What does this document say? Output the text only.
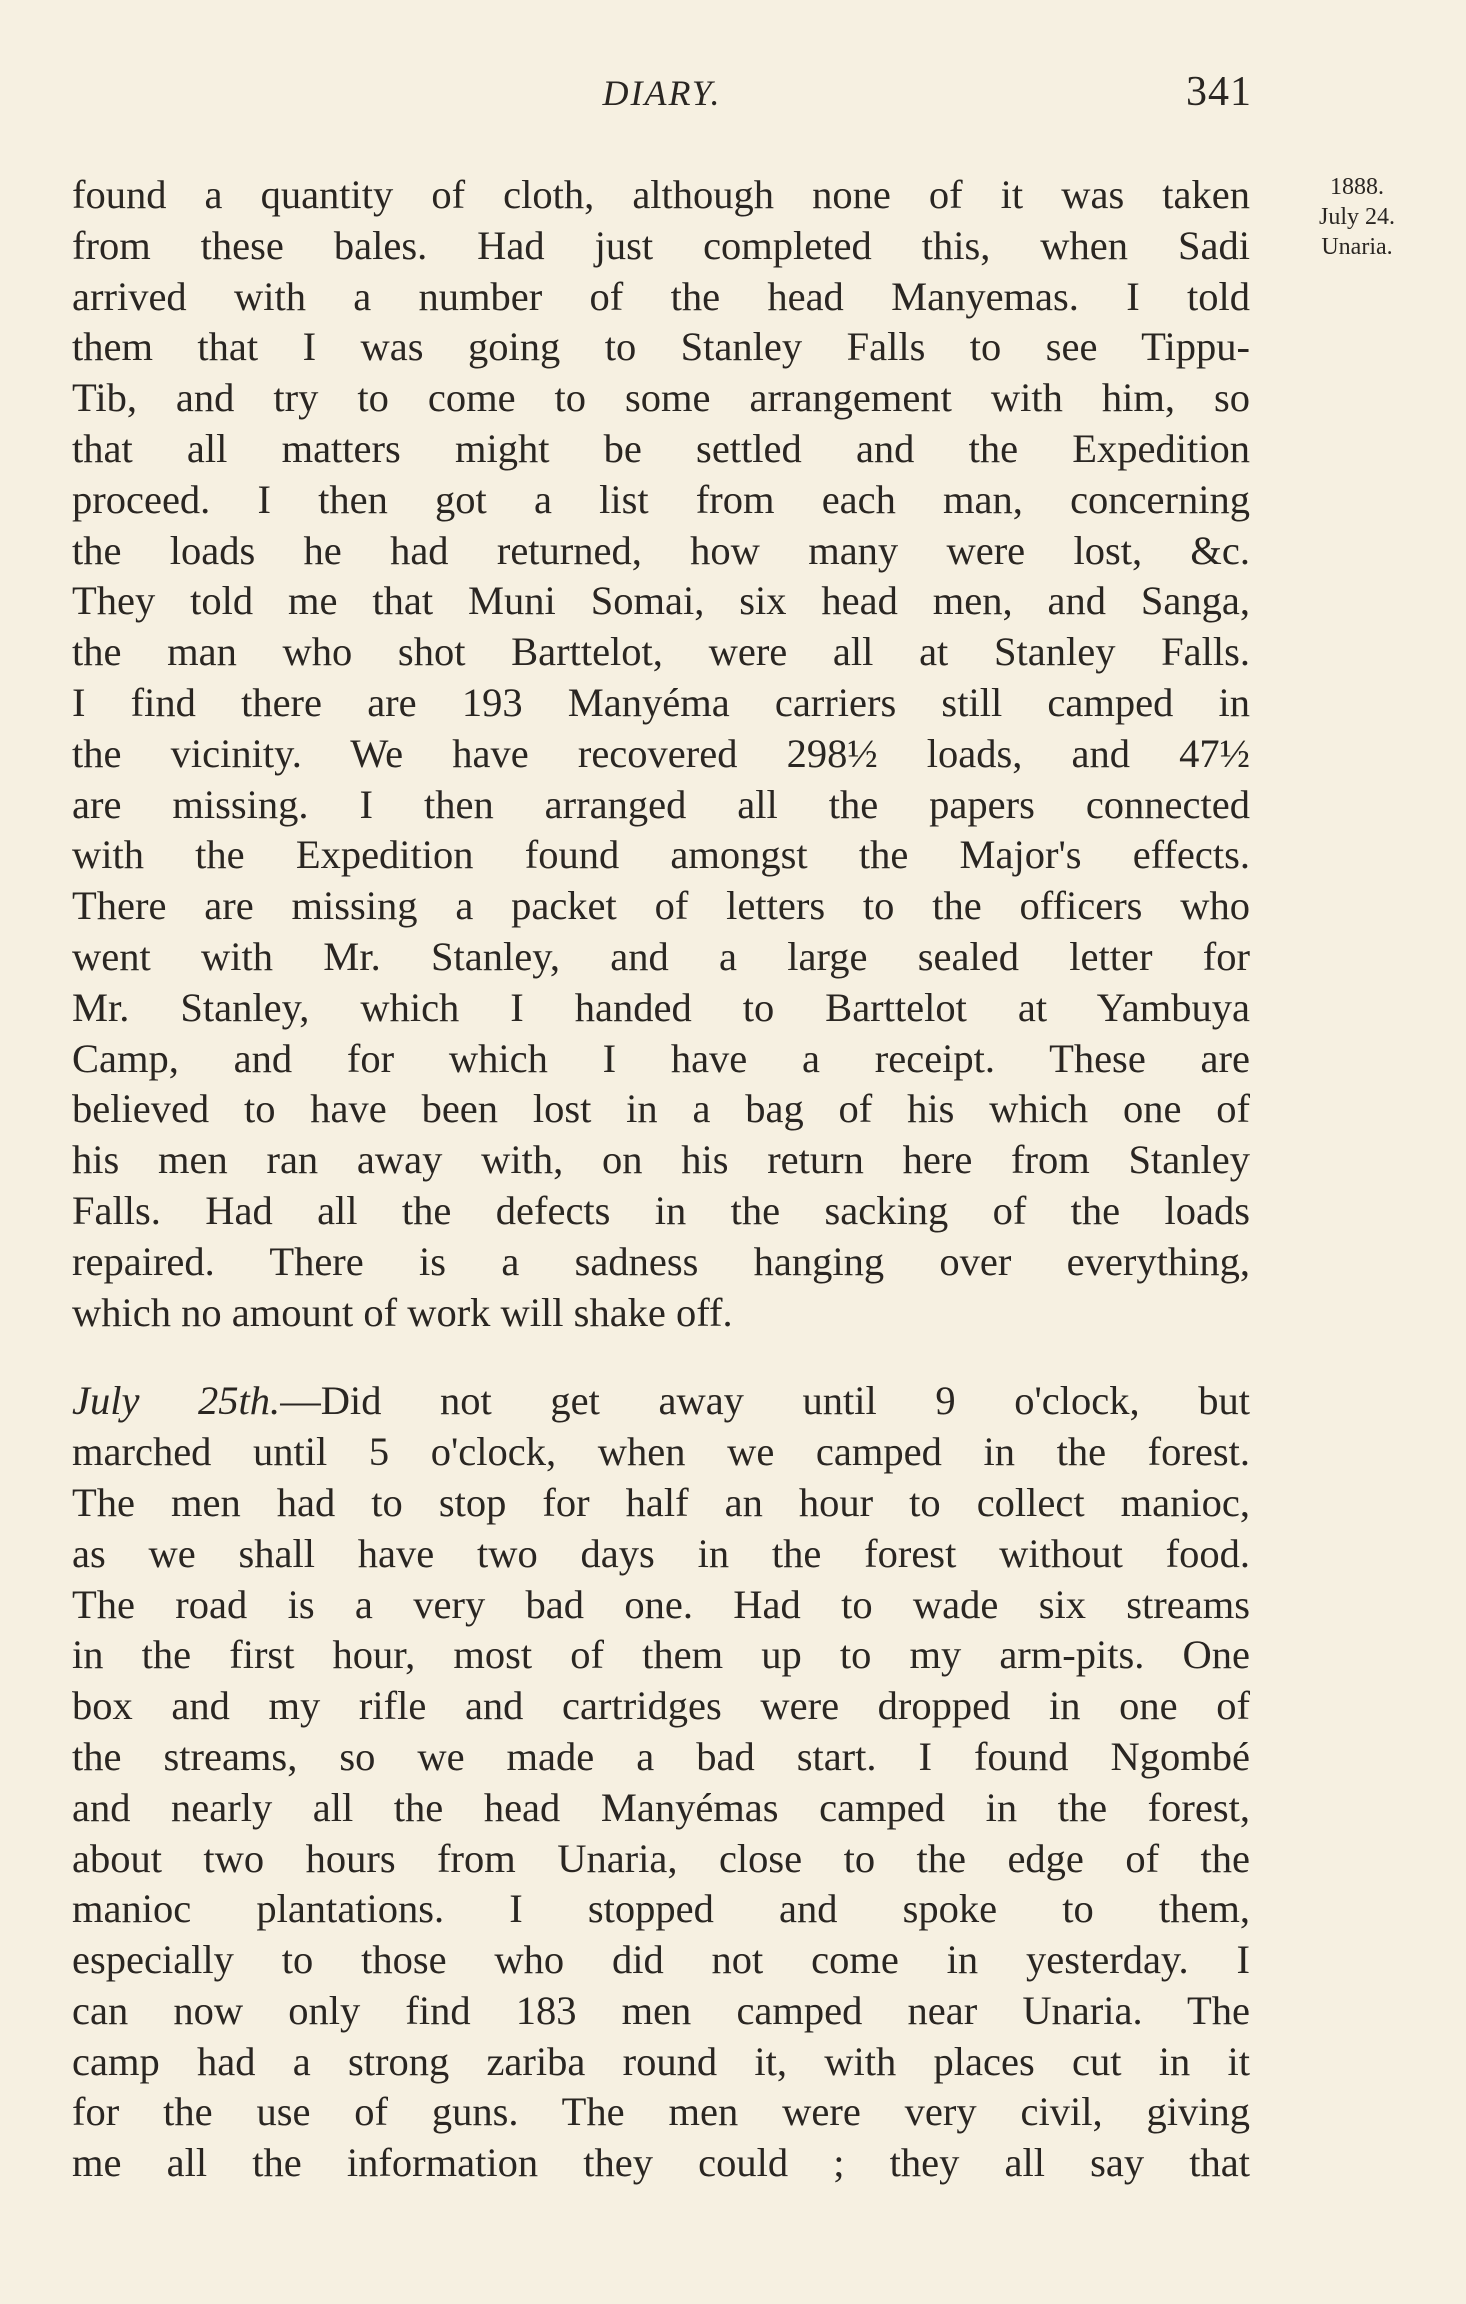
DIARY.	341
1888.
July 24.
Unaria.

found a quantity of cloth, although none of it was taken
from these bales. Had just completed this, when Sadi
arrived with a number of the head Manyemas. I told
them that I was going to Stanley Falls to see Tippu-
Tib, and try to come to some arrangement with him, so
that all matters might be settled and the Expedition
proceed. I then got a list from each man, concerning
the loads he had returned, how many were lost, &c.
They told me that Muni Somai, six head men, and Sanga,
the man who shot Barttelot, were all at Stanley Falls.
I find there are 193 Manyéma carriers still camped in
the vicinity. We have recovered 298½ loads, and 47½
are missing. I then arranged all the papers connected
with the Expedition found amongst the Major's effects.
There are missing a packet of letters to the officers who
went with Mr. Stanley, and a large sealed letter for
Mr. Stanley, which I handed to Barttelot at Yambuya
Camp, and for which I have a receipt. These are
believed to have been lost in a bag of his which one of
his men ran away with, on his return here from Stanley
Falls. Had all the defects in the sacking of the loads
repaired. There is a sadness hanging over everything,
which no amount of work will shake off.

July 25th.—Did not get away until 9 o'clock, but
marched until 5 o'clock, when we camped in the forest.
The men had to stop for half an hour to collect manioc,
as we shall have two days in the forest without food.
The road is a very bad one. Had to wade six streams
in the first hour, most of them up to my arm-pits. One
box and my rifle and cartridges were dropped in one of
the streams, so we made a bad start. I found Ngombé
and nearly all the head Manyémas camped in the forest,
about two hours from Unaria, close to the edge of the
manioc plantations. I stopped and spoke to them,
especially to those who did not come in yesterday. I
can now only find 183 men camped near Unaria. The
camp had a strong zariba round it, with places cut in it
for the use of guns. The men were very civil, giving
me all the information they could ; they all say that
